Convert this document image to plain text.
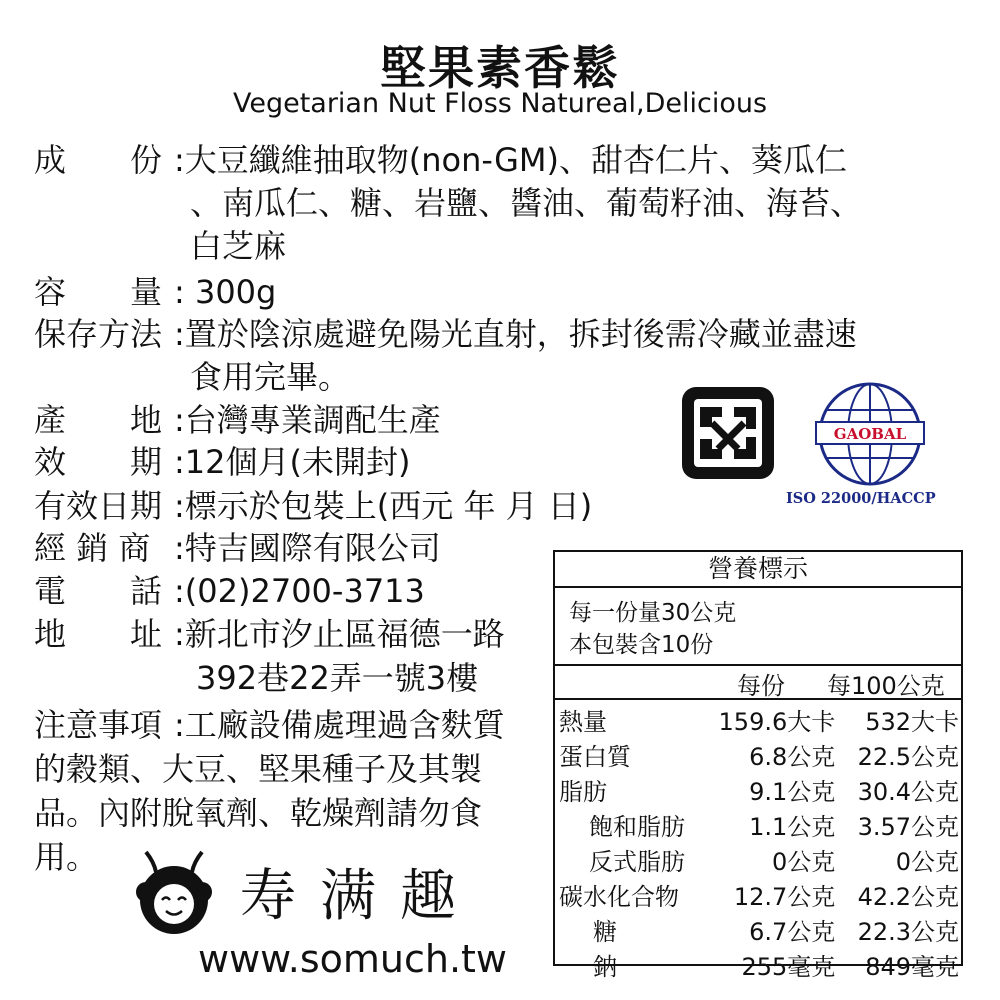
堅果素香鬆
Vegetarian Nut Floss Natureal,Delicious
成　　份 :大豆纖維抽取物(non-GM)、甜杏仁片、葵瓜仁
、南瓜仁、糖、岩鹽、醬油、葡萄籽油、海苔、
白芝麻
容　　量 : 300g
保存方法 :置於陰涼處避免陽光直射，拆封後需冷藏並盡速
食用完畢。
產　　地 :台灣專業調配生產
效　　期 :12個月(未開封)
有效日期 :標示於包裝上(西元 年 月 日)
經 銷 商 :特吉國際有限公司
電　　話 :(02)2700-3713
地　　址 :新北市汐止區福德一路
392巷22弄一號3樓
注意事項 :工廠設備處理過含麩質
的穀類、大豆、堅果種子及其製
品。內附脫氧劑、乾燥劑請勿食
用。
GAOBAL
ISO 22000/HACCP
營養標示
每一份量30公克
本包裝含10份
每份 每100公克
熱量	159.6大卡	532大卡
蛋白質	6.8公克	22.5公克
脂肪	9.1公克	30.4公克
飽和脂肪	1.1公克	3.57公克
反式脂肪	0公克	0公克
碳水化合物	12.7公克	42.2公克
糖	6.7公克	22.3公克
鈉	255毫克	849毫克
寿满趣
www.somuch.tw
